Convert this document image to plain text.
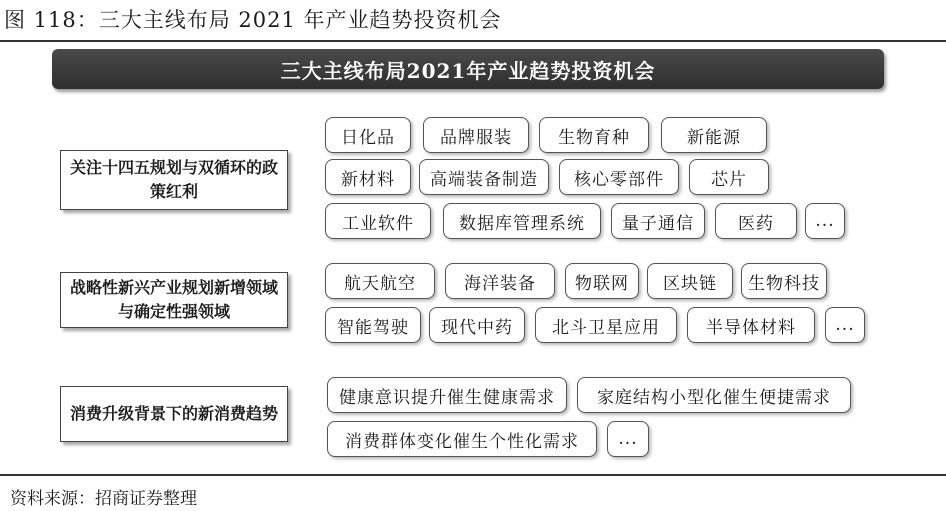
图 118：三大主线布局 2021 年产业趋势投资机会
三大主线布局2021年产业趋势投资机会
关注十四五规划与双循环的政策红利
日化品	品牌服装	生物育种	新能源
新材料	高端装备制造	核心零部件	芯片
工业软件	数据库管理系统	量子通信	医药	...
战略性新兴产业规划新增领域与确定性强领域
航天航空	海洋装备	物联网	区块链	生物科技
智能驾驶	现代中药	北斗卫星应用	半导体材料	...
消费升级背景下的新消费趋势
健康意识提升催生健康需求	家庭结构小型化催生便捷需求
消费群体变化催生个性化需求	...
资料来源：招商证券整理
